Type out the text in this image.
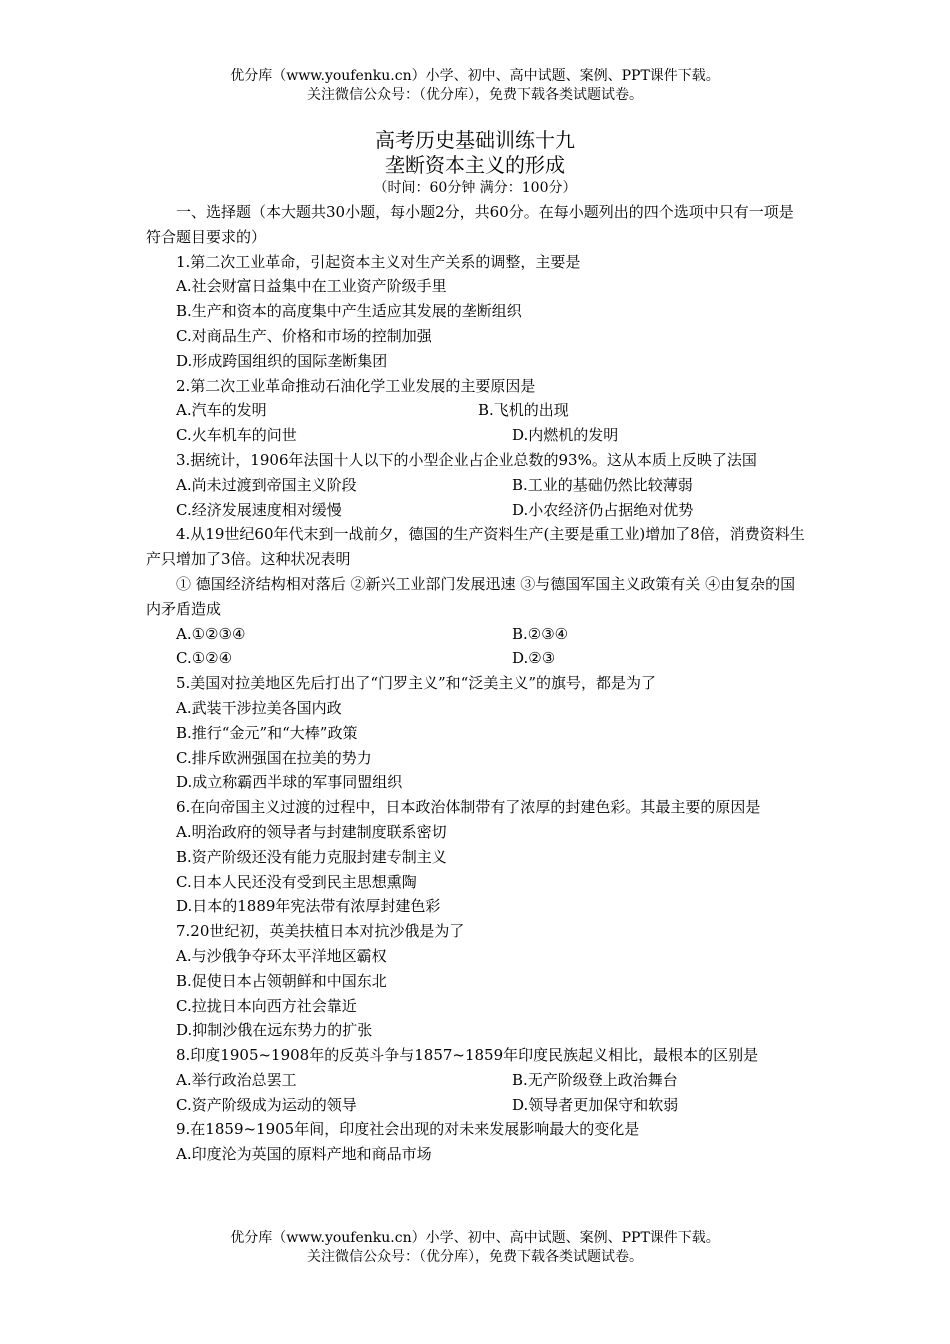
优分库（www.youfenku.cn）小学、初中、高中试题、案例、PPT课件下载。
关注微信公众号：（优分库），免费下载各类试题试卷。
高考历史基础训练十九
垄断资本主义的形成
（时间：60分钟 满分：100分）
一、选择题（本大题共30小题，每小题2分，共60分。在每小题列出的四个选项中只有一项是符合题目要求的）
1.第二次工业革命，引起资本主义对生产关系的调整，主要是
A.社会财富日益集中在工业资产阶级手里
B.生产和资本的高度集中产生适应其发展的垄断组织
C.对商品生产、价格和市场的控制加强
D.形成跨国组织的国际垄断集团
2.第二次工业革命推动石油化学工业发展的主要原因是
A.汽车的发明	B.飞机的出现
C.火车机车的问世	D.内燃机的发明
3.据统计，1906年法国十人以下的小型企业占企业总数的93%。这从本质上反映了法国
A.尚未过渡到帝国主义阶段	B.工业的基础仍然比较薄弱
C.经济发展速度相对缓慢	D.小农经济仍占据绝对优势
4.从19世纪60年代末到一战前夕，德国的生产资料生产(主要是重工业)增加了8倍，消费资料生产只增加了3倍。这种状况表明
① 德国经济结构相对落后 ②新兴工业部门发展迅速 ③与德国军国主义政策有关 ④由复杂的国内矛盾造成
A.①②③④	B.②③④
C.①②④	D.②③
5.美国对拉美地区先后打出了“门罗主义”和“泛美主义”的旗号，都是为了
A.武装干涉拉美各国内政
B.推行“金元”和“大棒”政策
C.排斥欧洲强国在拉美的势力
D.成立称霸西半球的军事同盟组织
6.在向帝国主义过渡的过程中，日本政治体制带有了浓厚的封建色彩。其最主要的原因是
A.明治政府的领导者与封建制度联系密切
B.资产阶级还没有能力克服封建专制主义
C.日本人民还没有受到民主思想熏陶
D.日本的1889年宪法带有浓厚封建色彩
7.20世纪初，英美扶植日本对抗沙俄是为了
A.与沙俄争夺环太平洋地区霸权
B.促使日本占领朝鲜和中国东北
C.拉拢日本向西方社会靠近
D.抑制沙俄在远东势力的扩张
8.印度1905~1908年的反英斗争与1857~1859年印度民族起义相比，最根本的区别是
A.举行政治总罢工	B.无产阶级登上政治舞台
C.资产阶级成为运动的领导	D.领导者更加保守和软弱
9.在1859~1905年间，印度社会出现的对未来发展影响最大的变化是
A.印度沦为英国的原料产地和商品市场
优分库（www.youfenku.cn）小学、初中、高中试题、案例、PPT课件下载。
关注微信公众号：（优分库），免费下载各类试题试卷。
